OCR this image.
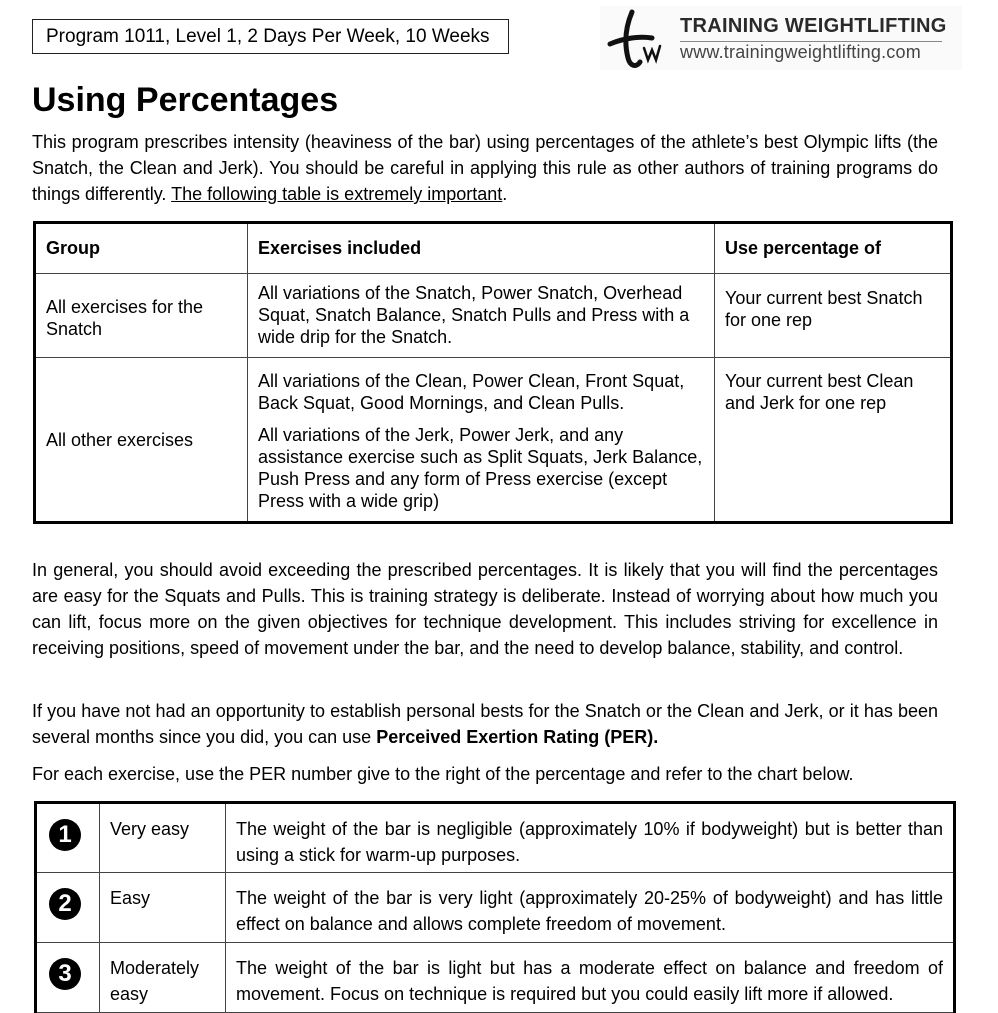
Program 1011, Level 1, 2 Days Per Week, 10 Weeks	TRAINING WEIGHTLIFTING
www.trainingweightlifting.com
Using Percentages

This program prescribes intensity (heaviness of the bar) using percentages of the athlete’s best Olympic lifts (the Snatch, the Clean and Jerk). You should be careful in applying this rule as other authors of training programs do things differently. The following table is extremely important.

Group	Exercises included	Use percentage of
All exercises for the Snatch	All variations of the Snatch, Power Snatch, Overhead Squat, Snatch Balance, Snatch Pulls and Press with a wide drip for the Snatch.	Your current best Snatch for one rep
All other exercises	All variations of the Clean, Power Clean, Front Squat, Back Squat, Good Mornings, and Clean Pulls.
All variations of the Jerk, Power Jerk, and any assistance exercise such as Split Squats, Jerk Balance, Push Press and any form of Press exercise (except Press with a wide grip)	Your current best Clean and Jerk for one rep

In general, you should avoid exceeding the prescribed percentages. It is likely that you will find the percentages are easy for the Squats and Pulls. This is training strategy is deliberate. Instead of worrying about how much you can lift, focus more on the given objectives for technique development. This includes striving for excellence in receiving positions, speed of movement under the bar, and the need to develop balance, stability, and control.

If you have not had an opportunity to establish personal bests for the Snatch or the Clean and Jerk, or it has been several months since you did, you can use Perceived Exertion Rating (PER).

For each exercise, use the PER number give to the right of the percentage and refer to the chart below.

1	Very easy	The weight of the bar is negligible (approximately 10% if bodyweight) but is better than using a stick for warm-up purposes.
2	Easy	The weight of the bar is very light (approximately 20-25% of bodyweight) and has little effect on balance and allows complete freedom of movement.
3	Moderately easy	The weight of the bar is light but has a moderate effect on balance and freedom of movement. Focus on technique is required but you could easily lift more if allowed.
